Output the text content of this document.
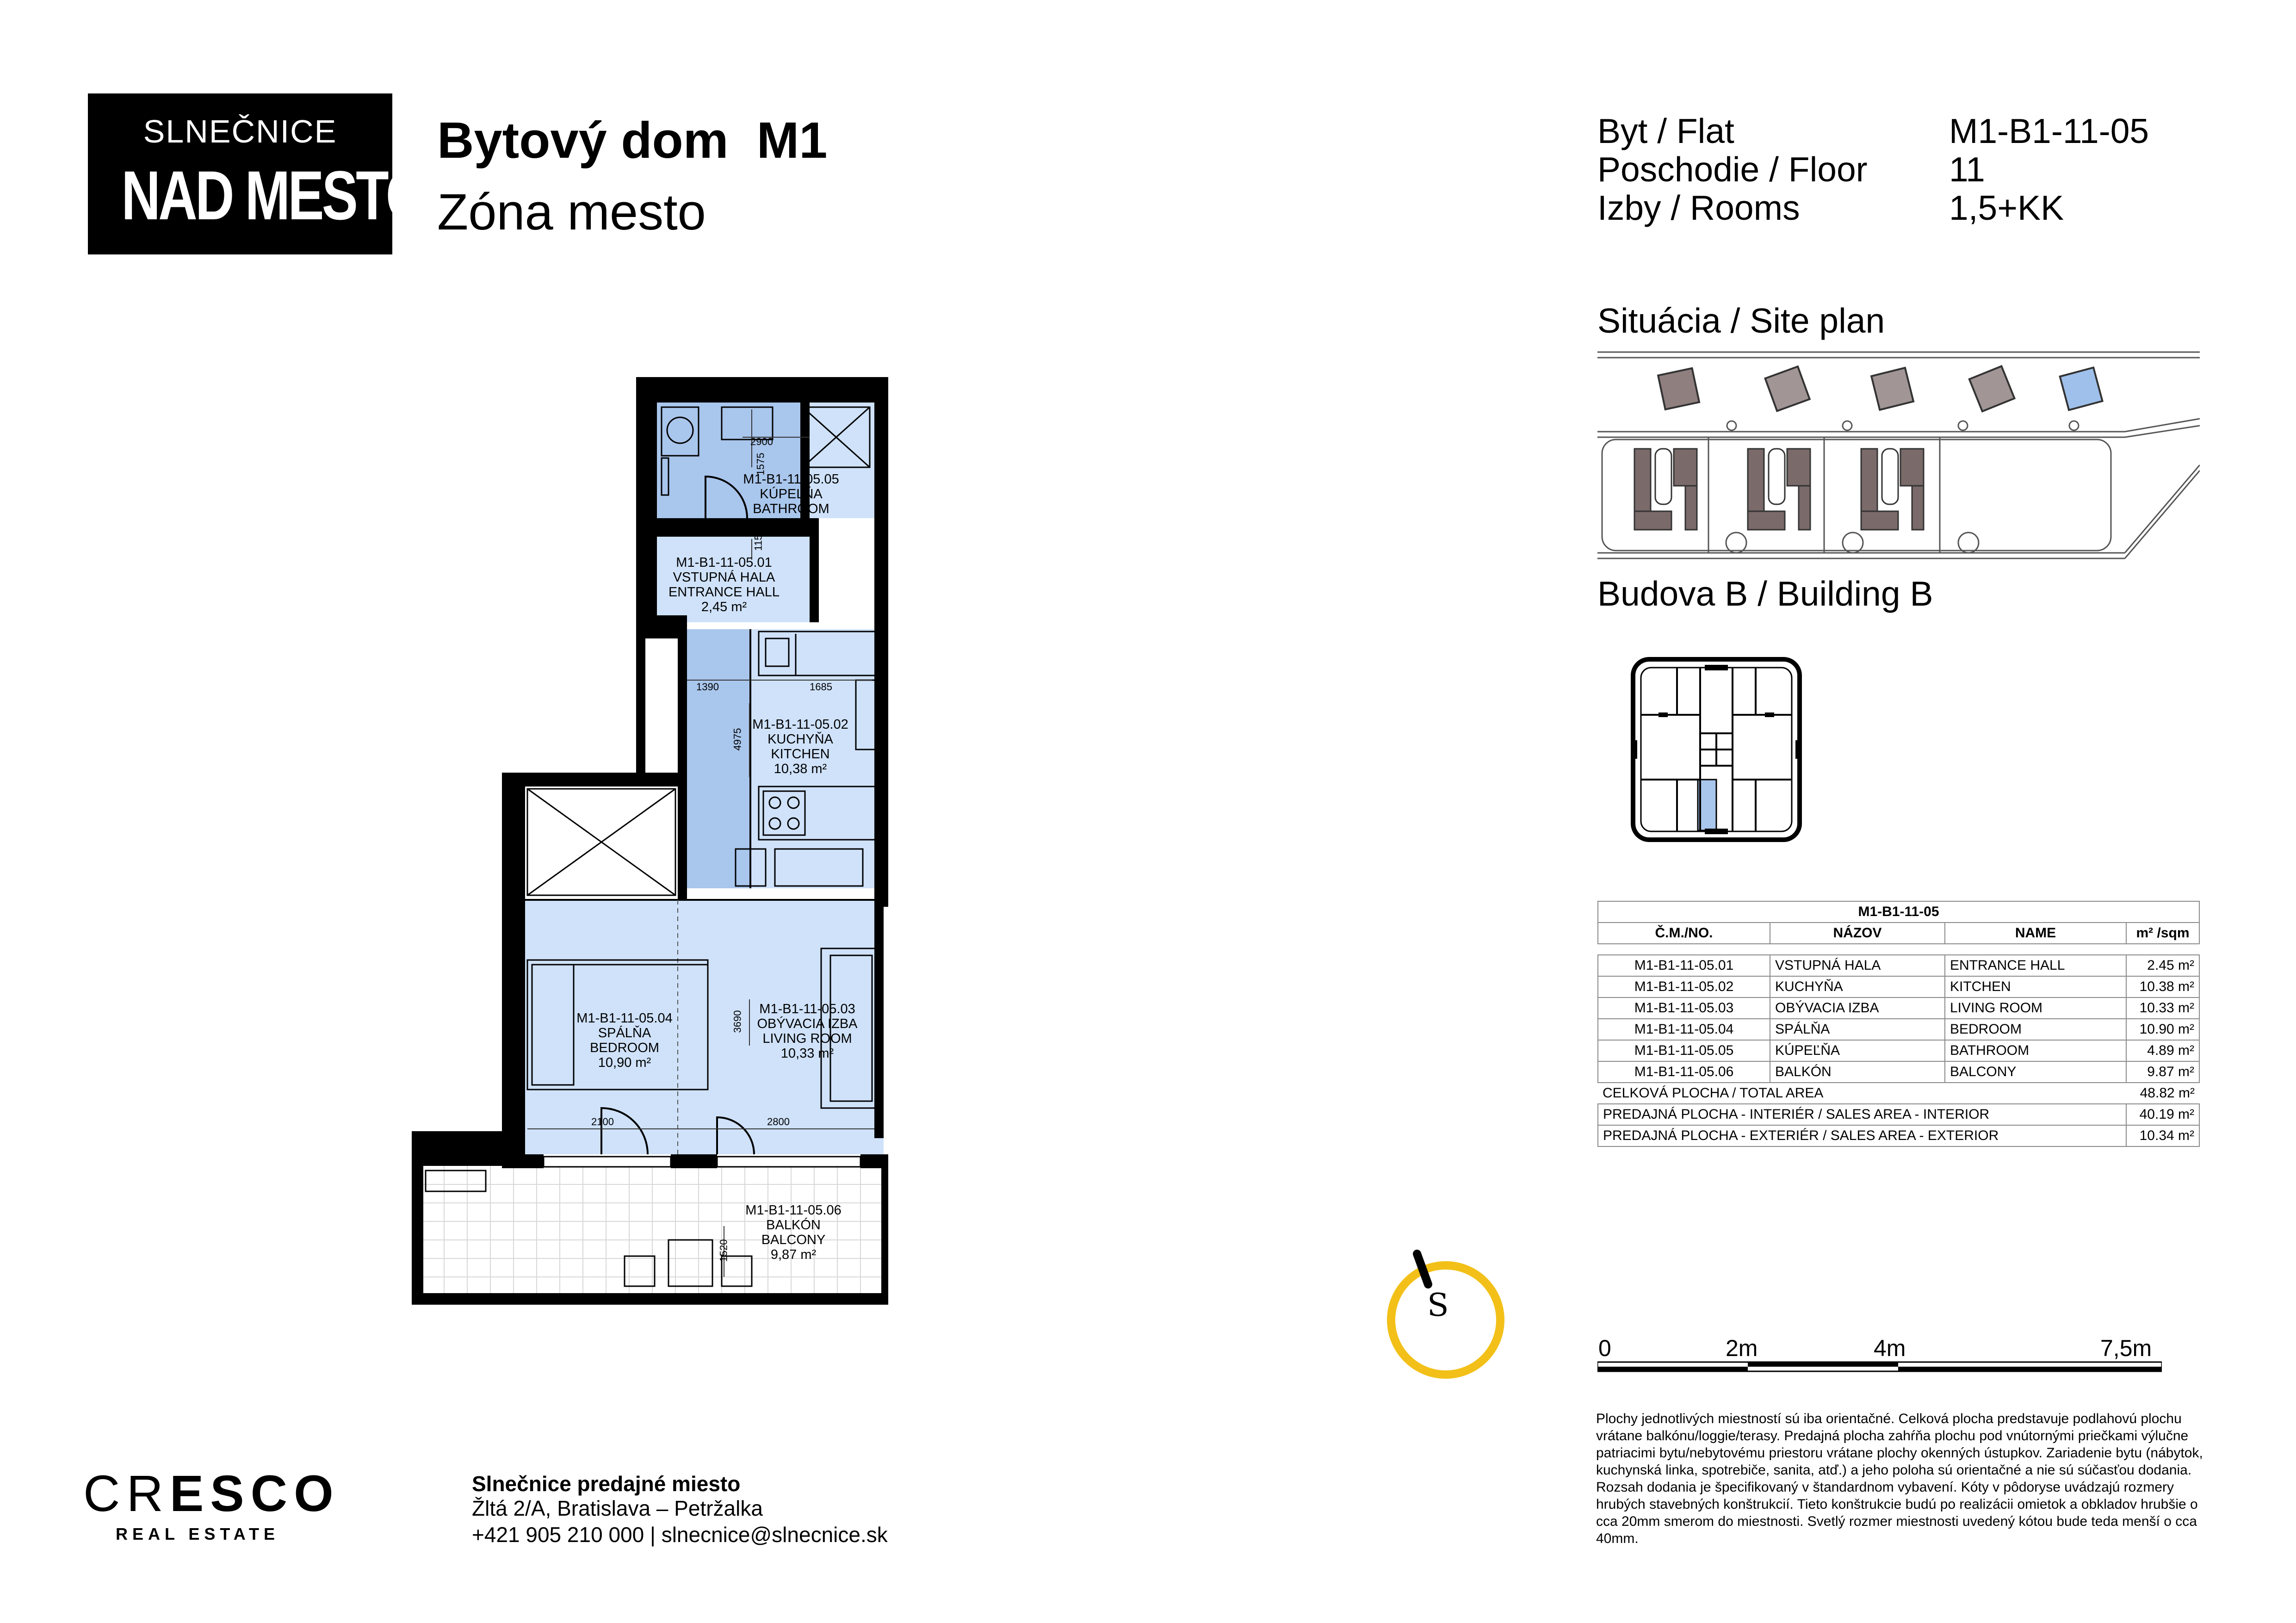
SLNEČNICE
NAD MESTOM
Bytový dom  M1
Zóna mesto
Byt / Flat	M1-B1-11-05
Poschodie / Floor 11
Izby / Rooms	1,5+KK
Situácia / Site plan
Budova B / Building B
M1-B1-11-05			
Č.M./NO.	NÁZOV	NAME	m² /sqm

M1-B1-11-05.01	VSTUPNÁ HALA	ENTRANCE HALL	2.45 m²
M1-B1-11-05.02	KUCHYŇA	KITCHEN	10.38 m²
M1-B1-11-05.03	OBÝVACIA IZBA	LIVING ROOM	10.33 m²
M1-B1-11-05.04	SPÁLŇA	BEDROOM	10.90 m²
M1-B1-11-05.05	KÚPEĽŇA	BATHROOM	4.89 m²
M1-B1-11-05.06	BALKÓN	BALCONY	9.87 m²
CELKOVÁ PLOCHA / TOTAL AREA			48.82 m²
PREDAJNÁ PLOCHA - INTERIÉR / SALES AREA - INTERIOR			40.19 m²
PREDAJNÁ PLOCHA - EXTERIÉR / SALES AREA - EXTERIOR			10.34 m²
S
0	2m	4m	7,5m
Plochy jednotlivých miestností sú iba orientačné. Celková plocha predstavuje podlahovú plochu vrátane balkónu/loggie/terasy. Predajná plocha zahŕňa plochu pod vnútornými priečkami výlučne patriacimi bytu/nebytovému priestoru vrátane plochy okenných ústupkov. Zariadenie bytu (nábytok, kuchynská linka, spotrebiče, sanita, atď.) a jeho poloha sú orientačné a nie sú súčasťou dodania. Rozsah dodania je špecifikovaný v štandardnom vybavení. Kóty v pôdoryse uvádzajú rozmery hrubých stavebných konštrukcií. Tieto konštrukcie budú po realizácii omietok a obkladov hrubšie o cca 20mm smerom do miestnosti. Svetlý rozmer miestnosti uvedený kótou bude teda menší o cca 40mm.
CRESCO
REAL ESTATE
Slnečnice predajné miesto
Žltá 2/A, Bratislava – Petržalka
+421 905 210 000 | slnecnice@slnecnice.sk
2900
1575
115
1390	1685
4975
3690
2100	2800
1520
M1-B1-11-05.05
KÚPEĽŇA
BATHROOM
4,89 m²
M1-B1-11-05.01
VSTUPNÁ HALA
ENTRANCE HALL
2,45 m²
M1-B1-11-05.02
KUCHYŇA
KITCHEN
10,38 m²
M1-B1-11-05.03
OBÝVACIA IZBA
LIVING ROOM
10,33 m²
M1-B1-11-05.04
SPÁLŇA
BEDROOM
10,90 m²
M1-B1-11-05.06
BALKÓN
BALCONY
9,87 m²
